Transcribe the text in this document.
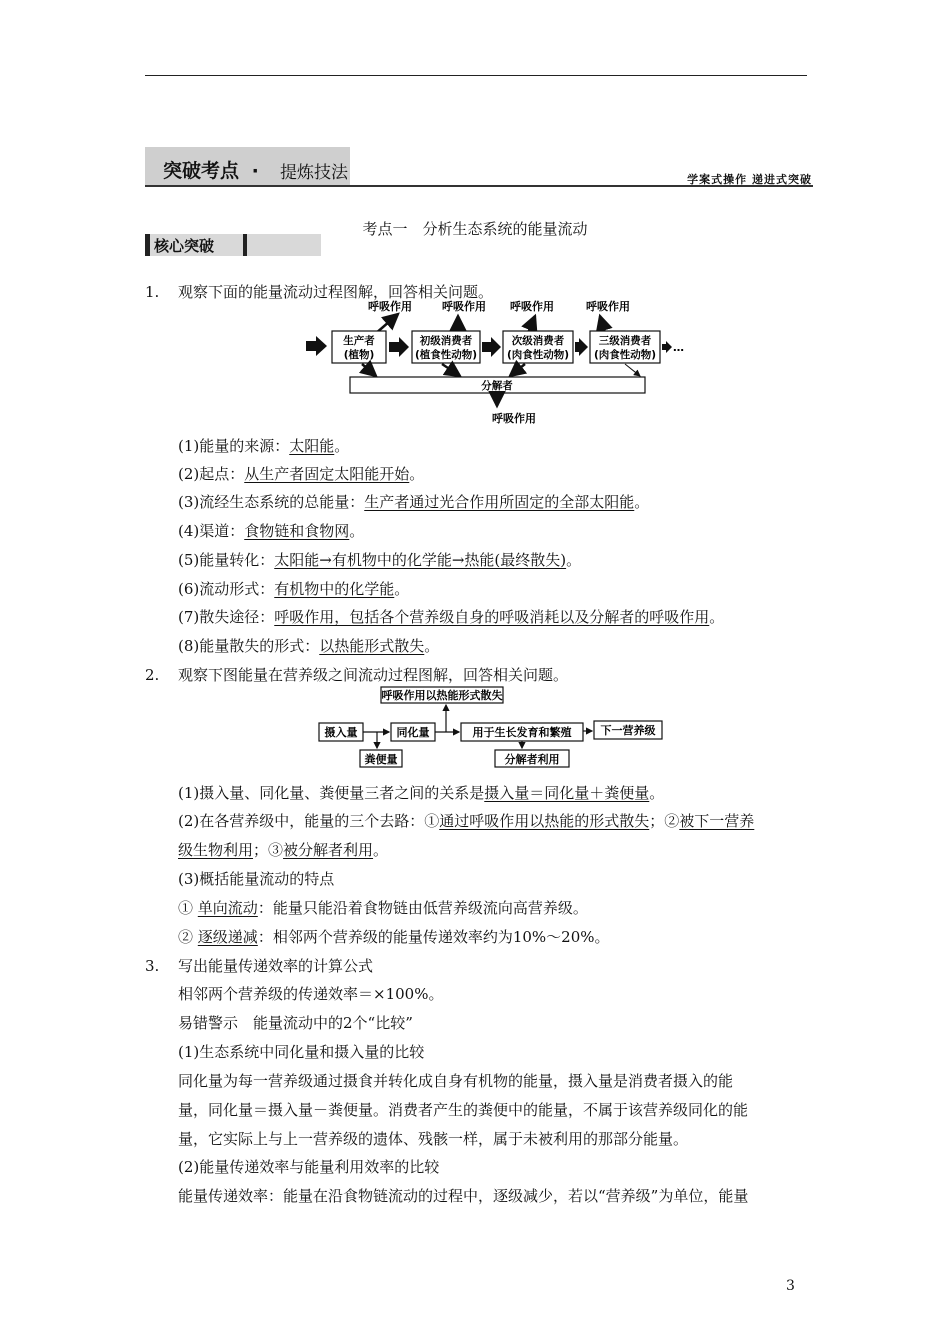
突破考点 · 提炼技法	学案式操作 递进式突破
考点一　分析生态系统的能量流动
核心突破
1. 观察下面的能量流动过程图解，回答相关问题。
呼吸作用	呼吸作用 呼吸作用	呼吸作用
生产者
(植物)
初级消费者
(植食性动物)
次级消费者
(肉食性动物)
三级消费者
(肉食性动物)
…
分解者
呼吸作用
(1)能量的来源：太阳能。
(2)起点：从生产者固定太阳能开始。
(3)流经生态系统的总能量：生产者通过光合作用所固定的全部太阳能。
(4)渠道：食物链和食物网。
(5)能量转化：太阳能→有机物中的化学能→热能(最终散失)。
(6)流动形式：有机物中的化学能。
(7)散失途径：呼吸作用，包括各个营养级自身的呼吸消耗以及分解者的呼吸作用。
(8)能量散失的形式：以热能形式散失。
2. 观察下图能量在营养级之间流动过程图解，回答相关问题。
呼吸作用以热能形式散失
摄入量	同化量	用于生长发育和繁殖	下一营养级
粪便量	分解者利用
(1)摄入量、同化量、粪便量三者之间的关系是摄入量＝同化量＋粪便量。
(2)在各营养级中，能量的三个去路：①通过呼吸作用以热能的形式散失；②被下一营养
级生物利用；③被分解者利用。
(3)概括能量流动的特点
① 单向流动：能量只能沿着食物链由低营养级流向高营养级。
② 逐级递减：相邻两个营养级的能量传递效率约为10%～20%。
3. 写出能量传递效率的计算公式
相邻两个营养级的传递效率＝×100%。
易错警示　能量流动中的2个“比较”
(1)生态系统中同化量和摄入量的比较
同化量为每一营养级通过摄食并转化成自身有机物的能量，摄入量是消费者摄入的能
量，同化量＝摄入量－粪便量。消费者产生的粪便中的能量，不属于该营养级同化的能
量，它实际上与上一营养级的遗体、残骸一样，属于未被利用的那部分能量。
(2)能量传递效率与能量利用效率的比较
能量传递效率：能量在沿食物链流动的过程中，逐级减少，若以“营养级”为单位，能量
3
